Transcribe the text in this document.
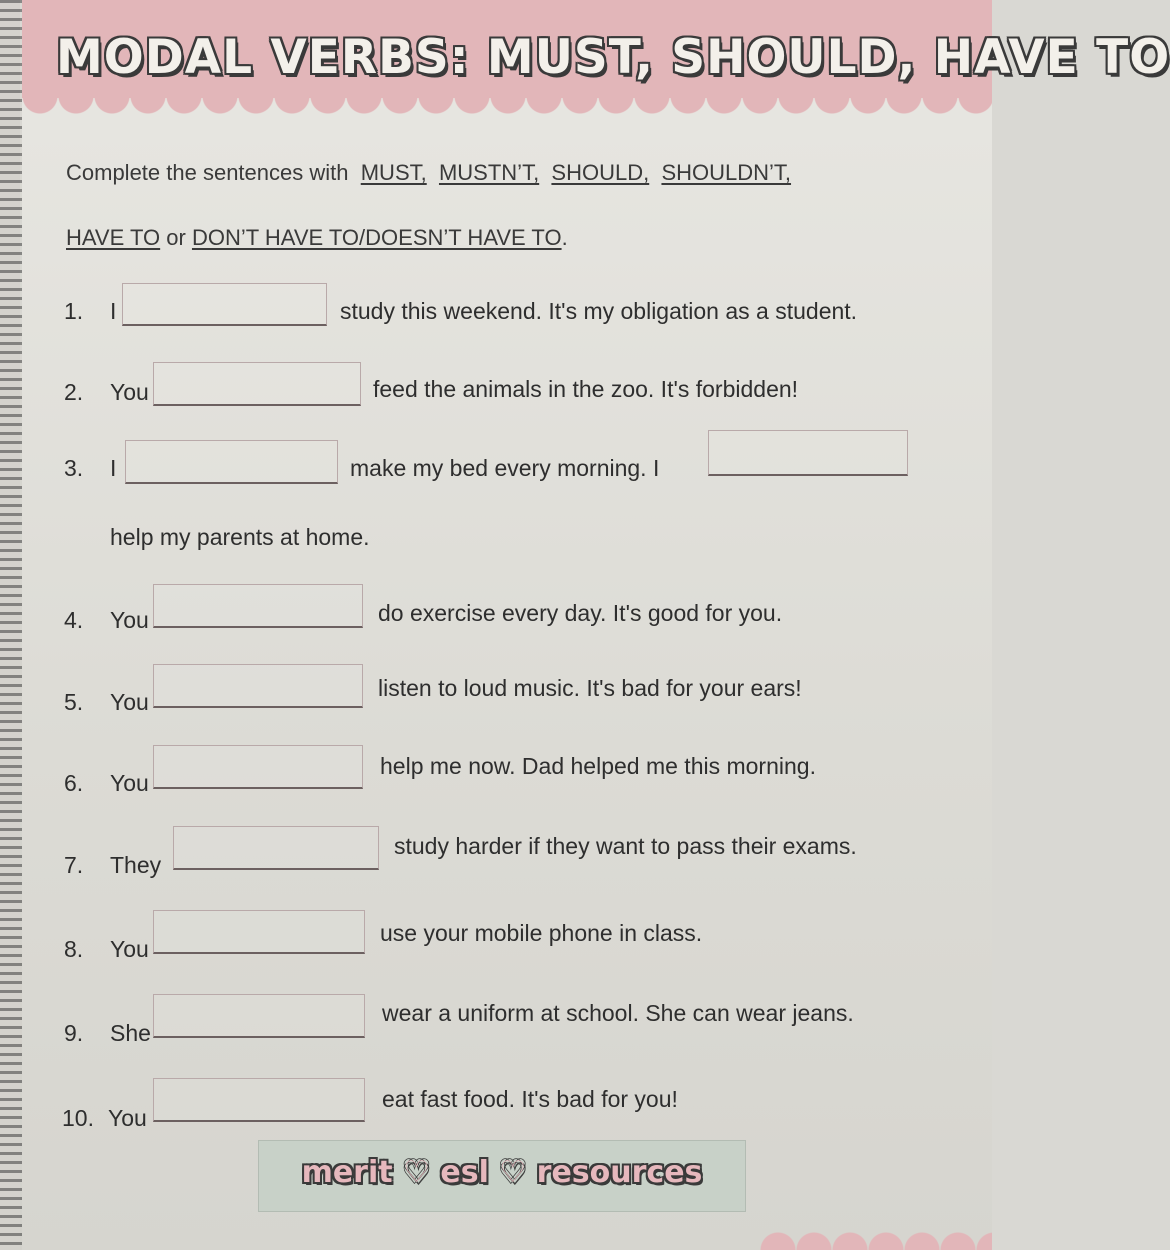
MODAL VERBS: MUST, SHOULD, HAVE TO
Complete the sentences with MUST, MUSTN’T, SHOULD, SHOULDN’T,
HAVE TO or DON’T HAVE TO/DOESN’T HAVE TO.
1. I	study this weekend. It's my obligation as a student.
2. You	feed the animals in the zoo. It's forbidden!
3. I	make my bed every morning. I
help my parents at home.
4. You	do exercise every day. It's good for you.
5. You
listen to loud music. It's bad for your ears!
6. You
help me now. Dad helped me this morning.
7. They
study harder if they want to pass their exams.
8. You
use your mobile phone in class.
9. She
wear a uniform at school. She can wear jeans.
10. You
eat fast food. It's bad for you!
merit ♡ esl ♡ resources
